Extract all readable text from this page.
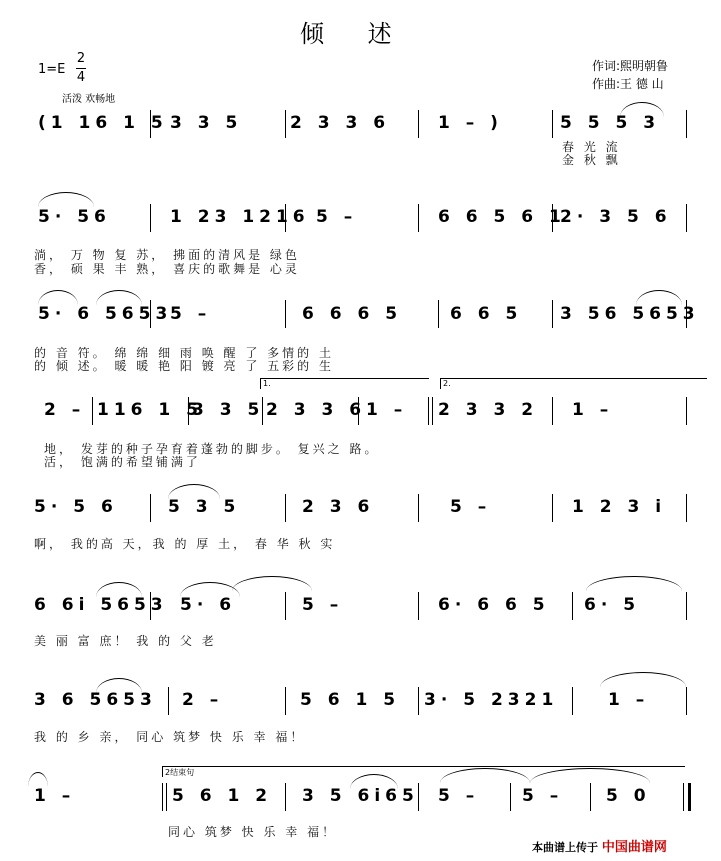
倾 述
1=E
2
4
活泼 欢畅地
作词:熙明朝鲁
作曲:王 德 山
(1 16 1 5 3 3 5	2 3 3 6	1 – )	5 5 5 3
春 光 流
金 秋 飘
5· 56	1 23 1216 5 –	6 6 5 6 1
2· 3 5 6
淌， 万 物 复 苏， 拂面的清风是 绿色
香， 硕 果 丰 熟， 喜庆的歌舞是 心灵
5· 6 5653
5 –	6 6 6 5	6 6 5 3 56 5653
的 音 符。 绵 绵 细 雨 唤 醒 了 多情的 土
的 倾 述。 暖 暖 艳 阳 镀 亮 了 五彩的 生
1.	2.
2 – 116 1 5
3 3 5 2 3 3 6 1 – 2 3 3 2 1 –
地， 发芽的种子孕育着蓬勃的脚步。 复兴之 路。
活， 饱满的希望铺满了
5· 5 6	5 3 5	2 3 6	5 –	1 2 3 i
啊， 我的高 天，我 的 厚 土， 春 华 秋 实
6 6i 5653 5· 6	5 –	6· 6 6 5 6· 5
美 丽 富 庶！ 我 的 父 老
3 6 5653 2 –	5 6 1 5 3· 5 2321	1 –
我 的 乡 亲， 同心 筑梦 快 乐 幸 福！
2结束句
1 –	5 6 1 2 3 5 6i65 5 –	5 –	5 0
同心 筑梦 快 乐 幸 福！
本曲谱上传于 中国曲谱网
